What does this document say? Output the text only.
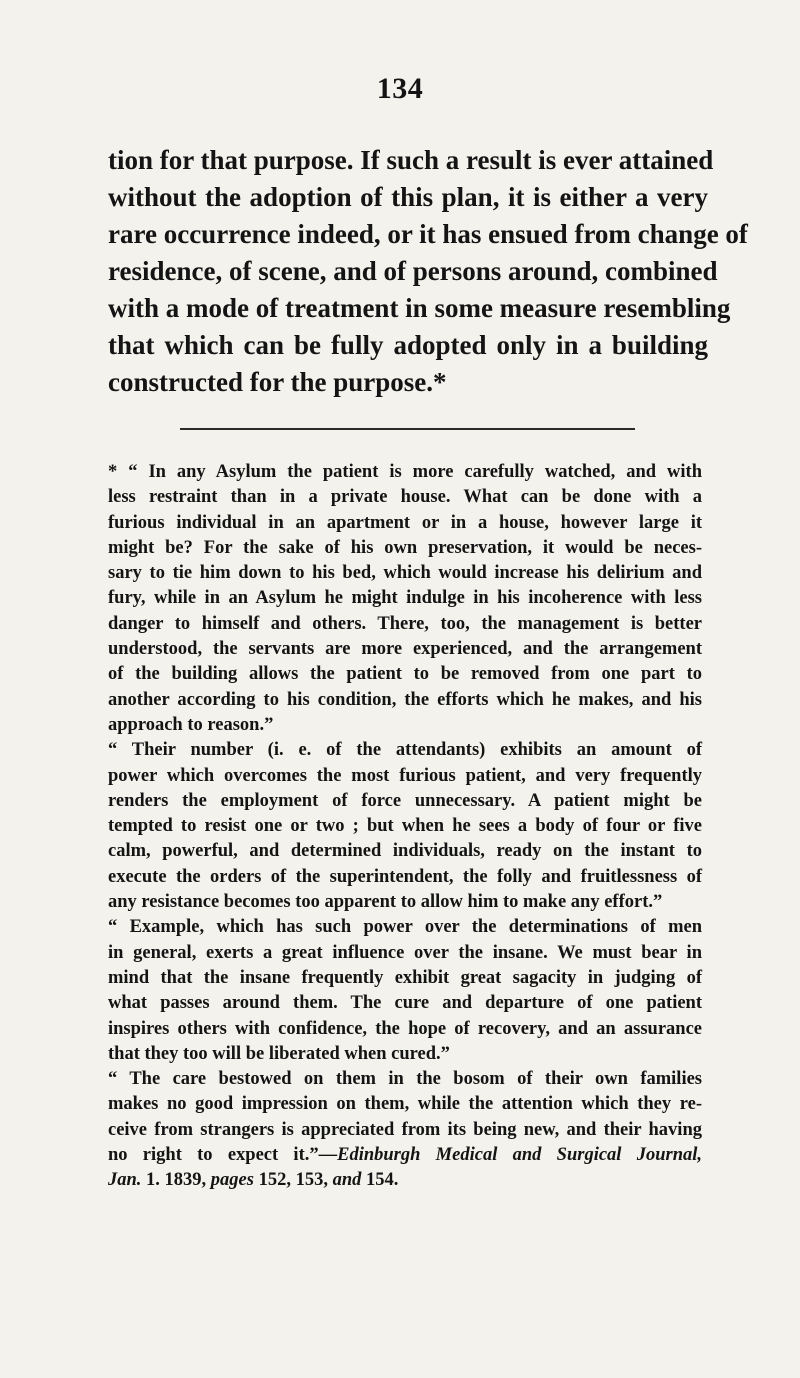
134
tion for that purpose. If such a result is ever attained
without the adoption of this plan, it is either a very
rare occurrence indeed, or it has ensued from change of
residence, of scene, and of persons around, combined
with a mode of treatment in some measure resembling
that which can be fully adopted only in a building
constructed for the purpose.*
* “ In any Asylum the patient is more carefully watched, and with
less restraint than in a private house. What can be done with a
furious individual in an apartment or in a house, however large it
might be? For the sake of his own preservation, it would be neces-
sary to tie him down to his bed, which would increase his delirium and
fury, while in an Asylum he might indulge in his incoherence with less
danger to himself and others. There, too, the management is better
understood, the servants are more experienced, and the arrangement
of the building allows the patient to be removed from one part to
another according to his condition, the efforts which he makes, and his
approach to reason.”
“ Their number (i. e. of the attendants) exhibits an amount of
power which overcomes the most furious patient, and very frequently
renders the employment of force unnecessary. A patient might be
tempted to resist one or two ; but when he sees a body of four or five
calm, powerful, and determined individuals, ready on the instant to
execute the orders of the superintendent, the folly and fruitlessness of
any resistance becomes too apparent to allow him to make any effort.”
“ Example, which has such power over the determinations of men
in general, exerts a great influence over the insane. We must bear in
mind that the insane frequently exhibit great sagacity in judging of
what passes around them. The cure and departure of one patient
inspires others with confidence, the hope of recovery, and an assurance
that they too will be liberated when cured.”
“ The care bestowed on them in the bosom of their own families
makes no good impression on them, while the attention which they re-
ceive from strangers is appreciated from its being new, and their having
no right to expect it.”—Edinburgh Medical and Surgical Journal,
Jan. 1. 1839, pages 152, 153, and 154.
